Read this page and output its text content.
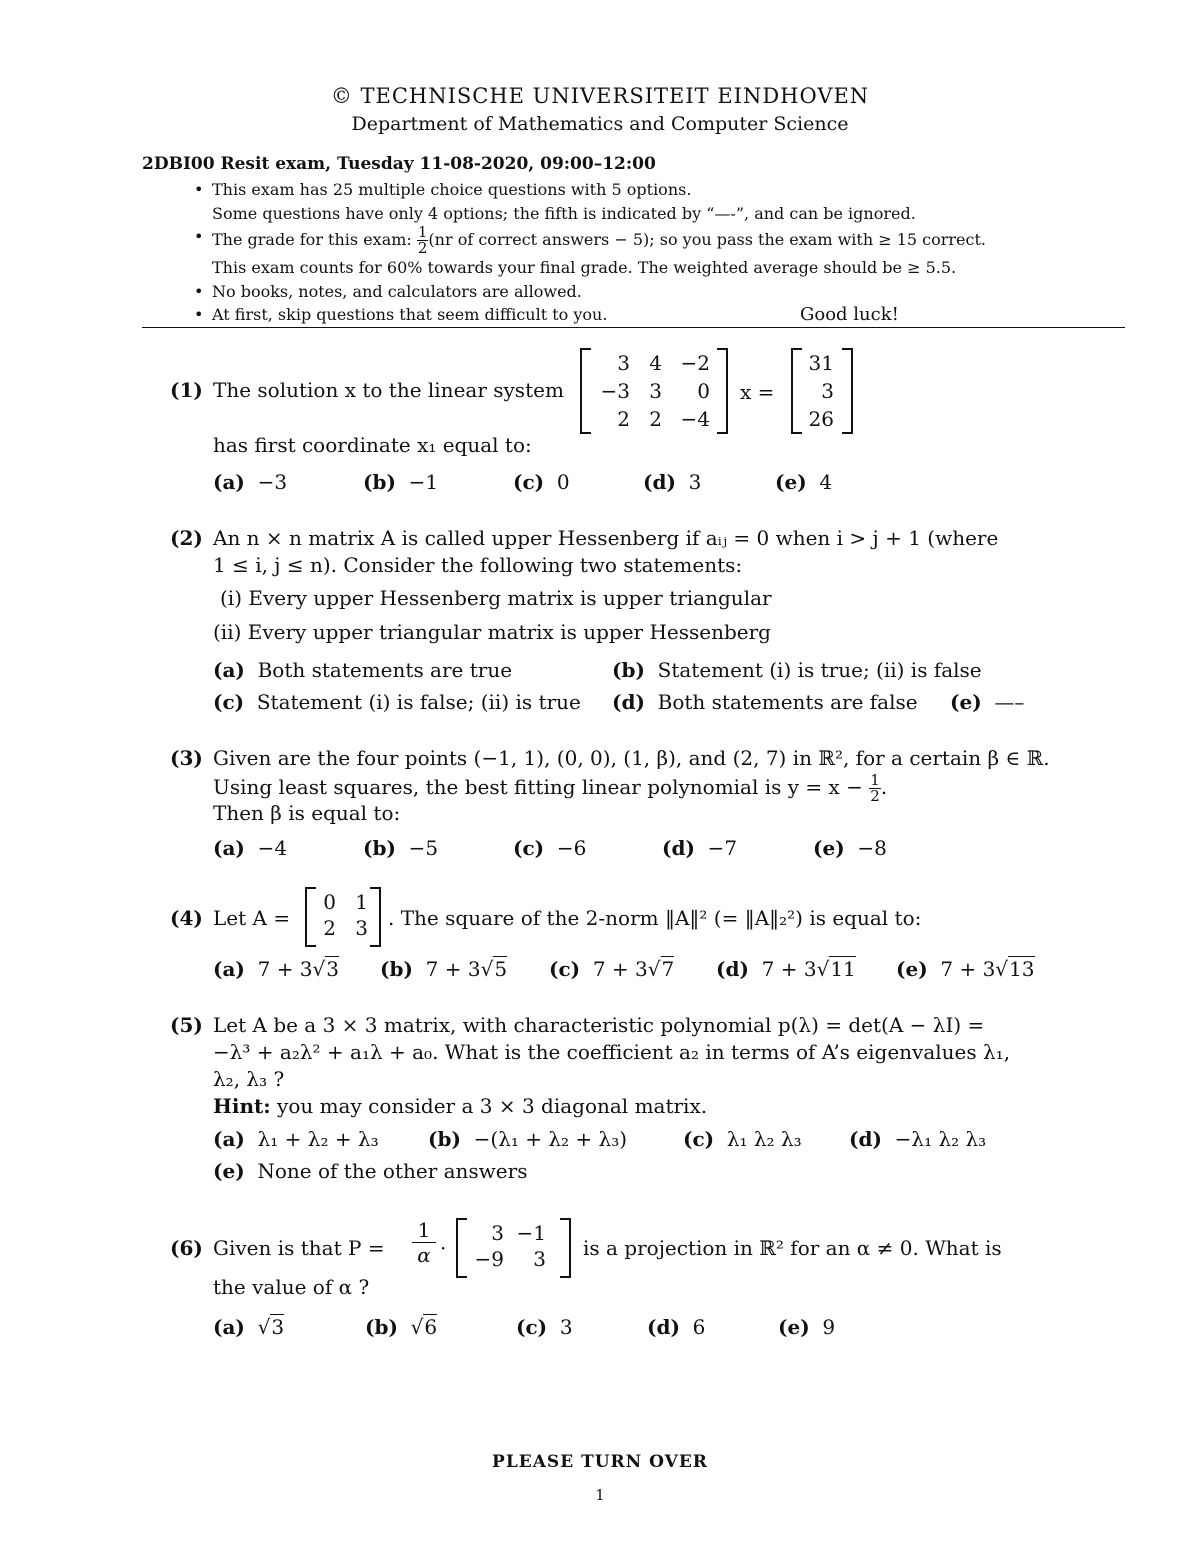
© TECHNISCHE UNIVERSITEIT EINDHOVEN
Department of Mathematics and Computer Science
2DBI00 Resit exam, Tuesday 11-08-2020, 09:00–12:00
• This exam has 25 multiple choice questions with 5 options.
Some questions have only 4 options; the fifth is indicated by “—-”, and can be ignored.
• The grade for this exam: $\frac{1}{2} (nr$ of correct answers − 5); so you pass the exam with ≥ 15 correct.
This exam counts for 60% towards your final grade. The weighted average should be ≥ 5.5.
• No books, notes, and calculators are allowed.
• At first, skip questions that seem difficult to you.	Good luck!
(1) The solution x to the linear system
3 4 −2
−3 3	0
2 2 −4
x =
31
3
26
has first coordinate x₁ equal to:
(a) −3	(b) −1	(c) 0	(d) 3	(e) 4
(2) An n × n matrix A is called upper Hessenberg if aᵢⱼ = 0 when i > j + 1 (where
1 ≤ i, j ≤ n). Consider the following two statements:
(i) Every upper Hessenberg matrix is upper triangular
(ii) Every upper triangular matrix is upper Hessenberg
(a) Both statements are true	(b) Statement (i) is true; (ii) is false
(c) Statement (i) is false; (ii) is true (d) Both statements are false (e) —–
(3) Given are the four points (−1, 1), (0, 0), (1, β), and (2, 7) in ℝ², for a certain β ∈ ℝ.
Using least squares, the best fitting linear polynomial is $y = x - \frac{1}{2}$ .
Then β is equal to:
(a) −4	(b) −5	(c) −6	(d) −7	(e) −8
(4) Let A =
0 1
2 3 . The square of the 2-norm ‖A‖² (= ‖A‖₂²) is equal to:
(a) 7 + 3√3 (b) 7 + 3√5 (c) 7 + 3√7 (d) 7 + 3√11 (e) 7 + 3√13
(5) Let A be a 3 × 3 matrix, with characteristic polynomial p(λ) = det(A − λI) =
−λ³ + a₂λ² + a₁λ + a₀. What is the coefficient a₂ in terms of A’s eigenvalues λ₁,
λ₂, λ₃ ?
Hint: you may consider a 3 × 3 diagonal matrix.
(a) λ₁ + λ₂ + λ₃ (b) −(λ₁ + λ₂ + λ₃)	(c) λ₁ λ₂ λ₃ (d) −λ₁ λ₂ λ₃
(e) None of the other answers
(6) Given is that $P = \frac{1}{\alpha}$ ·
3 −1
−9	3 is a projection in ℝ² for an α ≠ 0. What is
the value of α ?
(a)  √3	(b)  √6	(c) 3	(d) 6	(e) 9
PLEASE TURN OVER
1
